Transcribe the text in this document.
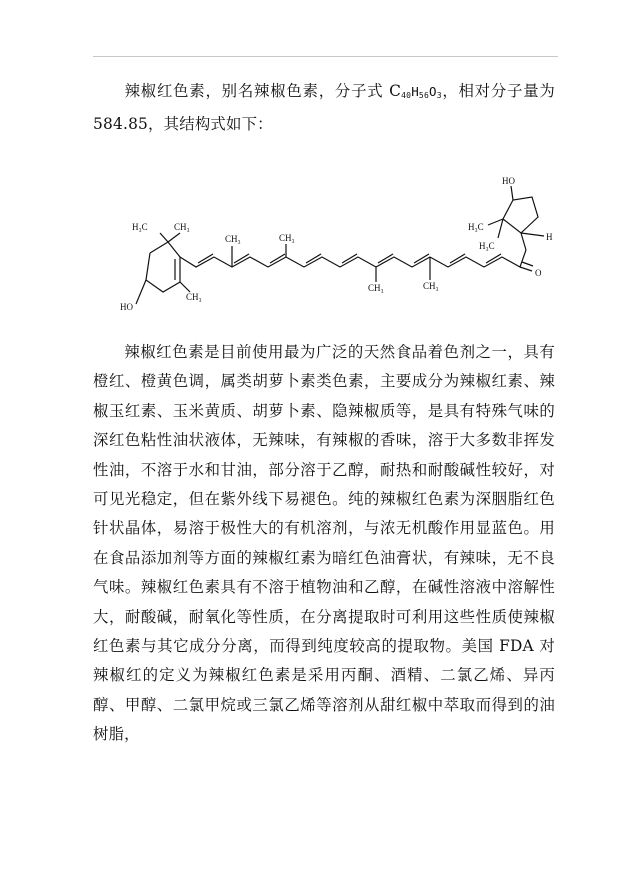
辣椒红色素，别名辣椒色素，分子式 $C_{40}H_{56}O_3$，相对分子量为 584.85，其结构式如下：

HO
H₃C	CH₃
CH₃
CH₃	CH₃
CH₃	CH₃
HO
H₃C
H₃C
H
O

辣椒红色素是目前使用最为广泛的天然食品着色剂之一，具有橙红、橙黄色调，属类胡萝卜素类色素，主要成分为辣椒红素、辣椒玉红素、玉米黄质、胡萝卜素、隐辣椒质等，是具有特殊气味的深红色粘性油状液体，无辣味，有辣椒的香味，溶于大多数非挥发性油，不溶于水和甘油，部分溶于乙醇，耐热和耐酸碱性较好，对可见光稳定，但在紫外线下易褪色。纯的辣椒红色素为深胭脂红色针状晶体，易溶于极性大的有机溶剂，与浓无机酸作用显蓝色。用在食品添加剂等方面的辣椒红素为暗红色油膏状，有辣味，无不良气味。辣椒红色素具有不溶于植物油和乙醇，在碱性溶液中溶解性大，耐酸碱，耐氧化等性质，在分离提取时可利用这些性质使辣椒红色素与其它成分分离，而得到纯度较高的提取物。美国 FDA 对辣椒红的定义为辣椒红色素是采用丙酮、酒精、二氯乙烯、异丙醇、甲醇、二氯甲烷或三氯乙烯等溶剂从甜红椒中萃取而得到的油树脂，
